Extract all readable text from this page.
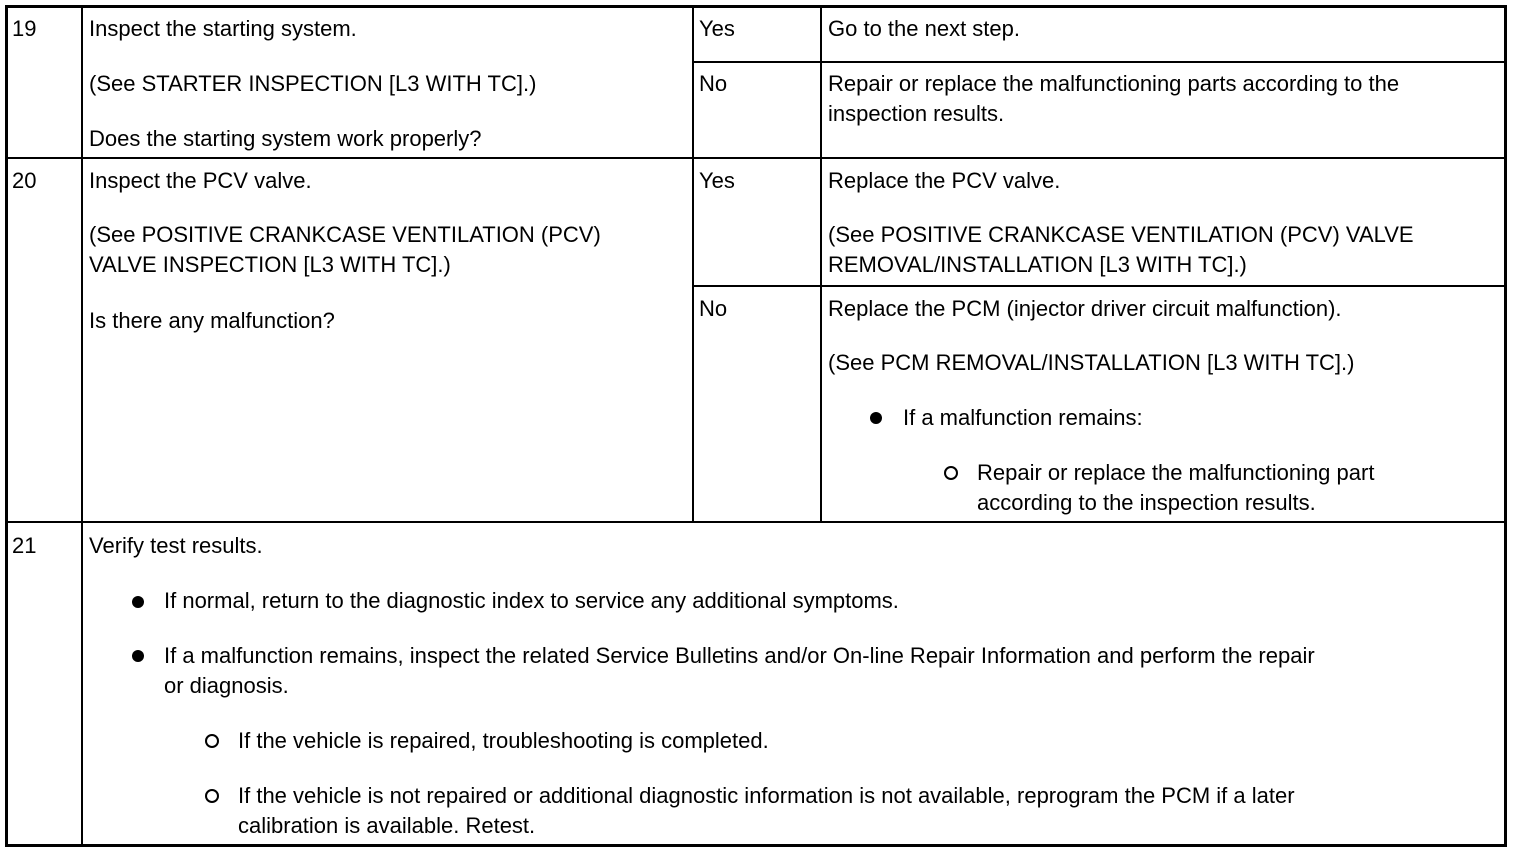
19 Inspect the starting system.
(See STARTER INSPECTION [L3 WITH TC].)
Does the starting system work properly?
Yes	Go to the next step.
No	Repair or replace the malfunctioning parts according to the
inspection results.
20 Inspect the PCV valve.
(See POSITIVE CRANKCASE VENTILATION (PCV)
VALVE INSPECTION [L3 WITH TC].)
Is there any malfunction?
Yes	Replace the PCV valve.
(See POSITIVE CRANKCASE VENTILATION (PCV) VALVE
REMOVAL/INSTALLATION [L3 WITH TC].)
No	Replace the PCM (injector driver circuit malfunction).
(See PCM REMOVAL/INSTALLATION [L3 WITH TC].)
If a malfunction remains:
Repair or replace the malfunctioning part
according to the inspection results.
21 Verify test results.
If normal, return to the diagnostic index to service any additional symptoms.
If a malfunction remains, inspect the related Service Bulletins and/or On-line Repair Information and perform the repair
or diagnosis.
If the vehicle is repaired, troubleshooting is completed.
If the vehicle is not repaired or additional diagnostic information is not available, reprogram the PCM if a later
calibration is available. Retest.
